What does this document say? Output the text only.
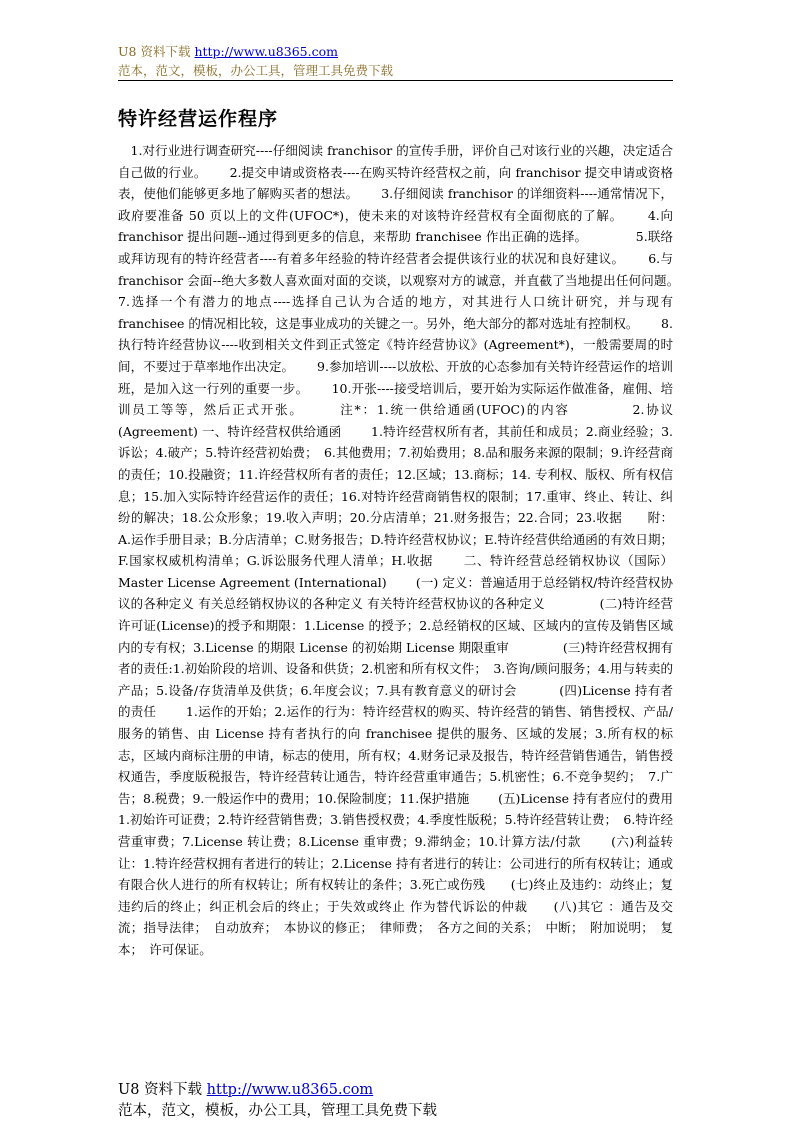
U8 资料下载 http://www.u8365.com
范本，范文，模板，办公工具，管理工具免费下载
特许经营运作程序

1.对行业进行调查研究----仔细阅读 franchisor 的宣传手册，评价自己对该行业的兴趣，决定适合自己做的行业。　　 2.提交申请或资格表----在购买特许经营权之前，向 franchisor 提交申请或资格表，使他们能够更多地了解购买者的想法。　　 3.仔细阅读 franchisor 的详细资料----通常情况下，政府要准备 50 页以上的文件(UFOC*)，使未来的对该特许经营权有全面彻底的了解。　　 4.向 franchisor 提出问题--通过得到更多的信息，来帮助 franchisee 作出正确的选择。　　　　 5.联络或拜访现有的特许经营者----有着多年经验的特许经营者会提供该行业的状况和良好建议。　　 6.与 franchisor 会面--绝大多数人喜欢面对面的交谈，以观察对方的诚意，并直截了当地提出任何问题。　　 7.选择一个有潜力的地点----选择自己认为合适的地方，对其进行人口统计研究，并与现有 franchisee 的情况相比较，这是事业成功的关键之一。另外，绝大部分的都对选址有控制权。　　 8.执行特许经营协议----收到相关文件到正式签定《特许经营协议》(Agreement*)，一般需要周的时间，不要过于草率地作出决定。　　 9.参加培训----以放松、开放的心态参加有关特许经营运作的培训班，是加入这一行列的重要一步。　　 10.开张----接受培训后，要开始为实际运作做准备，雇佣、培训员工等等，然后正式开张。　　　注*：1.统一供给通函(UFOC)的内容　　　　 2.协议(Agreement) 一、特许经营权供给通函　　 1.特许经营权所有者，其前任和成员；2.商业经验；3.诉讼；4.破产；5.特许经营初始费；　6.其他费用；7.初始费用；8.品和服务来源的限制；9.许经营商的责任；10.投融资；11.许经营权所有者的责任；12.区域；13.商标；14. 专利权、版权、所有权信息；15.加入实际特许经营运作的责任；16.对特许经营商销售权的限制；17.重审、终止、转让、纠纷的解决；18.公众形象；19.收入声明；20.分店清单；21.财务报告；22.合同；23.收据　　附：A.运作手册目录；B.分店清单；C.财务报告；D.特许经营权协议；E.特许经营供给通函的有效日期；F.国家权威机构清单；G.诉讼服务代理人清单；H.收据　　 二、特许经营总经销权协议（国际）Master License Agreement (International)　　 (一) 定义：普遍适用于总经销权/特许经营权协议的各种定义 有关总经销权协议的各种定义 有关特许经营权协议的各种定义　　　　 (二)特许经营许可证(License)的授予和期限：1.License 的授予；2.总经销权的区域、区域内的宣传及销售区域内的专有权；3.License 的期限 License 的初始期 License 期限重审　　　　 (三)特许经营权拥有者的责任:1.初始阶段的培训、设备和供货；2.机密和所有权文件；　3.咨询/顾问服务；4.用与转卖的产品；5.设备/存货清单及供货；6.年度会议；7.具有教育意义的研讨会　　　 (四)License 持有者的责任　　 1.运作的开始；2.运作的行为：特许经营权的购买、特许经营的销售、销售授权、产品/服务的销售、由 License 持有者执行的向 franchisee 提供的服务、区域的发展；3.所有权的标志，区域内商标注册的申请，标志的使用，所有权；4.财务记录及报告，特许经营销售通告，销售授权通告，季度版税报告，特许经营转让通告，特许经营重审通告；5.机密性；6.不竞争契约；　7.广告；8.税费；9.一般运作中的费用；10.保险制度；11.保护措施　　 (五)License 持有者应付的费用 1.初始许可证费；2.特许经营销售费；3.销售授权费；4.季度性版税；5.特许经营转让费；　6.特许经营重审费；7.License 转让费；8.License 重审费；9.滞纳金；10.计算方法/付款　　 (六)利益转让：1.特许经营权拥有者进行的转让；2.License 持有者进行的转让：公司进行的所有权转让；通或有限合伙人进行的所有权转让；所有权转让的条件；3.死亡或伤残　　(七)终止及违约：动终止；复违约后的终止；纠正机会后的终止；于失效或终止 作为替代诉讼的仲裁　　(八)其它 ：通告及交流；指导法律；　自动放弃；　本协议的修正；　律师费；　各方之间的关系；　中断；　附加说明；　复本；　许可保证。

U8 资料下载 http://www.u8365.com
范本，范文，模板，办公工具，管理工具免费下载
